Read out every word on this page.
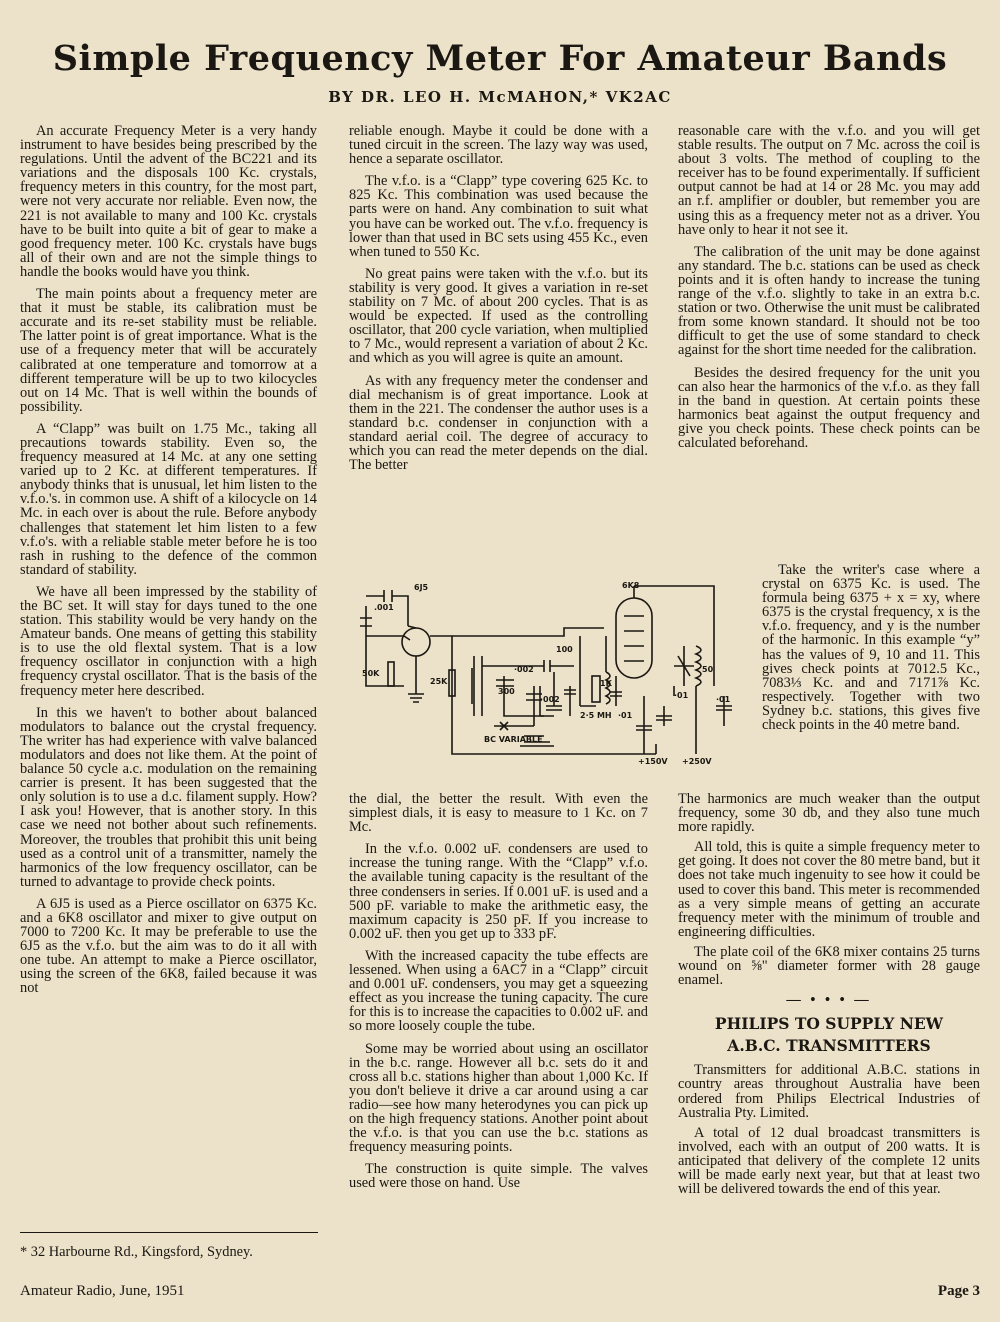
Simple Frequency Meter For Amateur Bands
BY DR. LEO H. McMAHON,* VK2AC

An accurate Frequency Meter is a very handy instrument to have besides being prescribed by the regulations. Until the advent of the BC221 and its variations and the disposals 100 Kc. crystals, frequency meters in this country, for the most part, were not very accurate nor reliable. Even now, the 221 is not available to many and 100 Kc. crystals have to be built into quite a bit of gear to make a good frequency meter. 100 Kc. crystals have bugs all of their own and are not the simple things to handle the books would have you think.

The main points about a frequency meter are that it must be stable, its calibration must be accurate and its re-set stability must be reliable. The latter point is of great importance. What is the use of a frequency meter that will be accurately calibrated at one temperature and tomorrow at a different temperature will be up to two kilocycles out on 14 Mc. That is well within the bounds of possibility.

A “Clapp” was built on 1.75 Mc., taking all precautions towards stability. Even so, the frequency measured at 14 Mc. at any one setting varied up to 2 Kc. at different temperatures. If anybody thinks that is unusual, let him listen to the v.f.o.'s. in common use. A shift of a kilocycle on 14 Mc. in each over is about the rule. Before anybody challenges that statement let him listen to a few v.f.o's. with a reliable stable meter before he is too rash in rushing to the defence of the common standard of stability.

We have all been impressed by the stability of the BC set. It will stay for days tuned to the one station. This stability would be very handy on the Amateur bands. One means of getting this stability is to use the old flextal system. That is a low frequency oscillator in conjunction with a high frequency crystal oscillator. That is the basis of the frequency meter here described.

In this we haven't to bother about balanced modulators to balance out the crystal frequency. The writer has had experience with valve balanced modulators and does not like them. At the point of balance 50 cycle a.c. modulation on the remaining carrier is present. It has been suggested that the only solution is to use a d.c. filament supply. How? I ask you! However, that is another story. In this case we need not bother about such refinements. Moreover, the troubles that prohibit this unit being used as a control unit of a transmitter, namely the harmonics of the low frequency oscillator, can be turned to advantage to provide check points.

A 6J5 is used as a Pierce oscillator on 6375 Kc. and a 6K8 oscillator and mixer to give output on 7000 to 7200 Kc. It may be preferable to use the 6J5 as the v.f.o. but the aim was to do it all with one tube. An attempt to make a Pierce oscillator, using the screen of the 6K8, failed because it was not

reliable enough. Maybe it could be done with a tuned circuit in the screen. The lazy way was used, hence a separate oscillator.

The v.f.o. is a “Clapp” type covering 625 Kc. to 825 Kc. This combination was used because the parts were on hand. Any combination to suit what you have can be worked out. The v.f.o. frequency is lower than that used in BC sets using 455 Kc., even when tuned to 550 Kc.

No great pains were taken with the v.f.o. but its stability is very good. It gives a variation in re-set stability on 7 Mc. of about 200 cycles. That is as would be expected. If used as the controlling oscillator, that 200 cycle variation, when multiplied to 7 Mc., would represent a variation of about 2 Kc. and which as you will agree is quite an amount.

As with any frequency meter the condenser and dial mechanism is of great importance. Look at them in the 221. The condenser the author uses is a standard b.c. condenser in conjunction with a standard aerial coil. The degree of accuracy to which you can read the meter depends on the dial. The better

reasonable care with the v.f.o. and you will get stable results. The output on 7 Mc. across the coil is about 3 volts. The method of coupling to the receiver has to be found experimentally. If sufficient output cannot be had at 14 or 28 Mc. you may add an r.f. amplifier or doubler, but remember you are using this as a frequency meter not as a driver. You have only to hear it not see it.

The calibration of the unit may be done against any standard. The b.c. stations can be used as check points and it is often handy to increase the tuning range of the v.f.o. slightly to take in an extra b.c. station or two. Otherwise the unit must be calibrated from some known standard. It should not be too difficult to get the use of some standard to check against for the short time needed for the calibration.

Besides the desired frequency for the unit you can also hear the harmonics of the v.f.o. as they fall in the band in question. At certain points these harmonics beat against the output frequency and give you check points. These check points can be calculated beforehand.

6J5	6K8
.001
50K
25K
·002
100
300
·002
1K
·01
2·5 MH
·01	·01
50
BC VARIABLE
+150V +250V

the dial, the better the result. With even the simplest dials, it is easy to measure to 1 Kc. on 7 Mc.

In the v.f.o. 0.002 uF. condensers are used to increase the tuning range. With the “Clapp” v.f.o. the available tuning capacity is the resultant of the three condensers in series. If 0.001 uF. is used and a 500 pF. variable to make the arithmetic easy, the maximum capacity is 250 pF. If you increase to 0.002 uF. then you get up to 333 pF.

With the increased capacity the tube effects are lessened. When using a 6AC7 in a “Clapp” circuit and 0.001 uF. condensers, you may get a squeezing effect as you increase the tuning capacity. The cure for this is to increase the capacities to 0.002 uF. and so more loosely couple the tube.

Some may be worried about using an oscillator in the b.c. range. However all b.c. sets do it and cross all b.c. stations higher than about 1,000 Kc. If you don't believe it drive a car around using a car radio—see how many heterodynes you can pick up on the high frequency stations. Another point about the v.f.o. is that you can use the b.c. stations as frequency measuring points.

The construction is quite simple. The valves used were those on hand. Use

Take the writer's case where a crystal on 6375 Kc. is used. The formula being 6375 + x = xy, where 6375 is the crystal frequency, x is the v.f.o. frequency, and y is the number of the harmonic. In this example “y” has the values of 9, 10 and 11. This gives check points at 7012.5 Kc., 7083⅓ Kc. and and 7171⅞ Kc. respectively. Together with two Sydney b.c. stations, this gives five check points in the 40 metre band.

The harmonics are much weaker than the output frequency, some 30 db, and they also tune much more rapidly.

All told, this is quite a simple frequency meter to get going. It does not cover the 80 metre band, but it does not take much ingenuity to see how it could be used to cover this band. This meter is recommended as a very simple means of getting an accurate frequency meter with the minimum of trouble and engineering difficulties.

The plate coil of the 6K8 mixer contains 25 turns wound on ⅝" diameter former with 28 gauge enamel.

— • • • —

PHILIPS TO SUPPLY NEW
A.B.C. TRANSMITTERS

Transmitters for additional A.B.C. stations in country areas throughout Australia have been ordered from Philips Electrical Industries of Australia Pty. Limited.

A total of 12 dual broadcast transmitters is involved, each with an output of 200 watts. It is anticipated that delivery of the complete 12 units will be made early next year, but that at least two will be delivered towards the end of this year.

* 32 Harbourne Rd., Kingsford, Sydney.
Amateur Radio, June, 1951	Page 3
